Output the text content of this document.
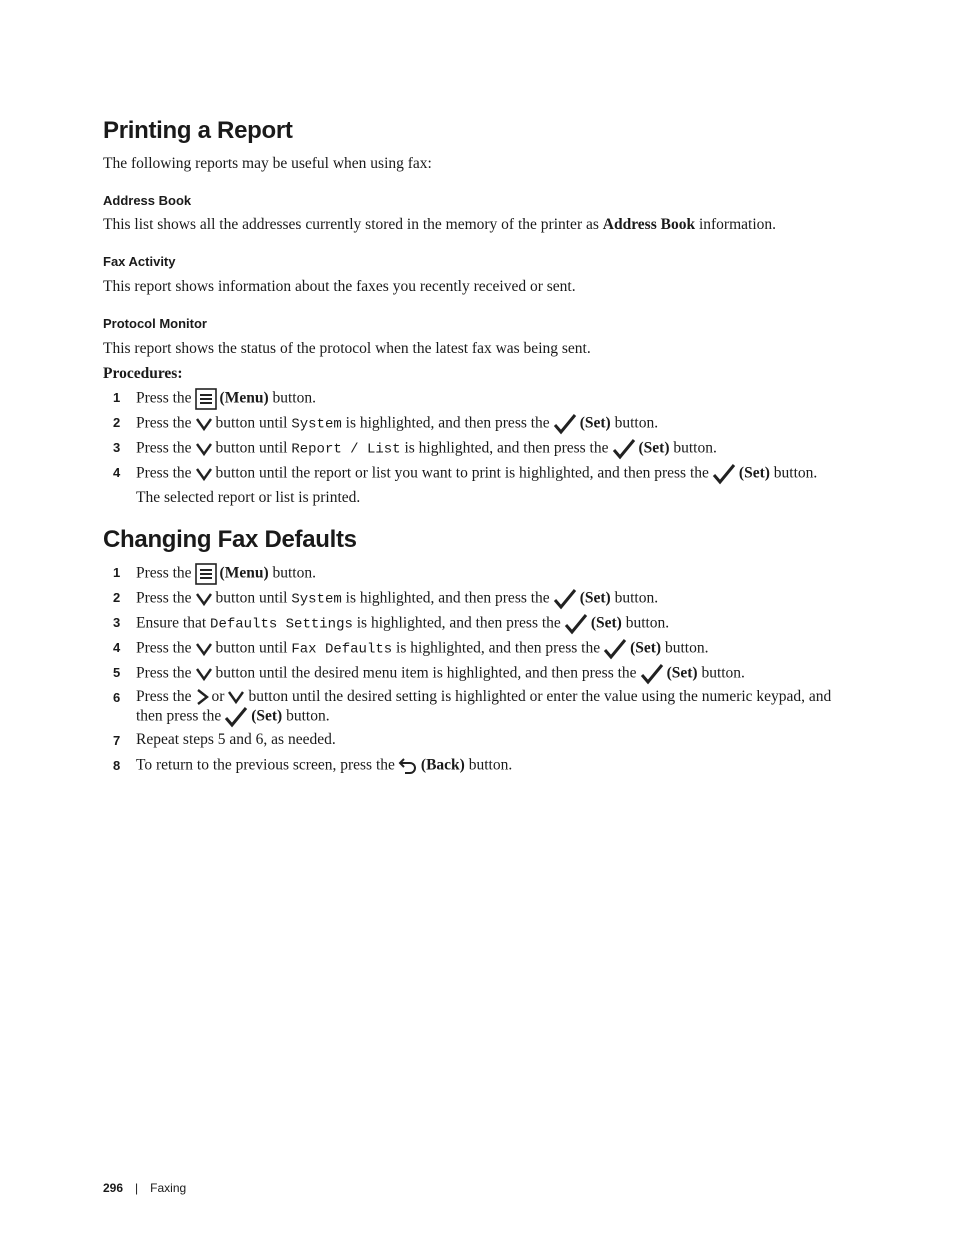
Printing a Report

The following reports may be useful when using fax:

Address Book

This list shows all the addresses currently stored in the memory of the printer as Address Book information.

Fax Activity

This report shows information about the faxes you recently received or sent.

Protocol Monitor

This report shows the status of the protocol when the latest fax was being sent.

Procedures:

1 Press the (Menu) button.
2 Press the button until System is highlighted, and then press the (Set) button.
3 Press the button until Report / List is highlighted, and then press the (Set) button.
4 Press the button until the report or list you want to print is highlighted, and then press the (Set) button.

The selected report or list is printed.

Changing Fax Defaults
1 Press the (Menu) button.
2 Press the button until System is highlighted, and then press the (Set) button.
3 Ensure that Defaults Settings is highlighted, and then press the (Set) button.
4 Press the button until Fax Defaults is highlighted, and then press the (Set) button.
5 Press the button until the desired menu item is highlighted, and then press the (Set) button.
6 Press the or button until the desired setting is highlighted or enter the value using the numeric keypad, and
then press the (Set) button.
7 Repeat steps 5 and 6, as needed.
8 To return to the previous screen, press the (Back) button.
296 | Faxing
